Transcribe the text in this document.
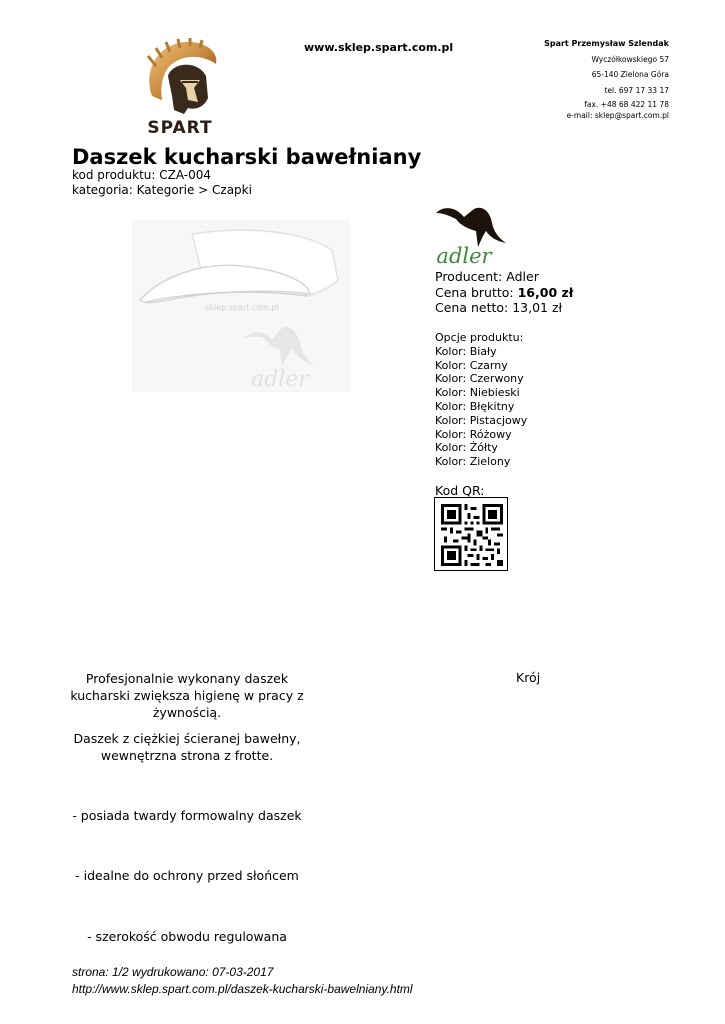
SPART
www.sklep.spart.com.pl	Spart Przemysław Szlendak
Wyczółkowskiego 57
65-140 Zielona Góra
tel. 697 17 33 17
fax. +48 68 422 11 78
e-mail: sklep@spart.com.pl
Daszek kucharski bawełniany
kod produktu: CZA-004
kategoria: Kategorie > Czapki
sklep.spart.com.pl
adler
adler
Producent: Adler
Cena brutto: 16,00 zł
Cena netto: 13,01 zł
Opcje produktu:
Kolor: Biały
Kolor: Czarny
Kolor: Czerwony
Kolor: Niebieski
Kolor: Błękitny
Kolor: Pistacjowy
Kolor: Różowy
Kolor: Żółty
Kolor: Zielony
Kod QR:
Profesjonalnie wykonany daszek kucharski zwiększa higienę w pracy z żywnością.
Daszek z ciężkiej ścieranej bawełny, wewnętrzna strona z frotte.
- posiada twardy formowalny daszek
- idealne do ochrony przed słońcem
- szerokość obwodu regulowana
Krój
strona: 1/2 wydrukowano: 07-03-2017
http://www.sklep.spart.com.pl/daszek-kucharski-bawelniany.html
